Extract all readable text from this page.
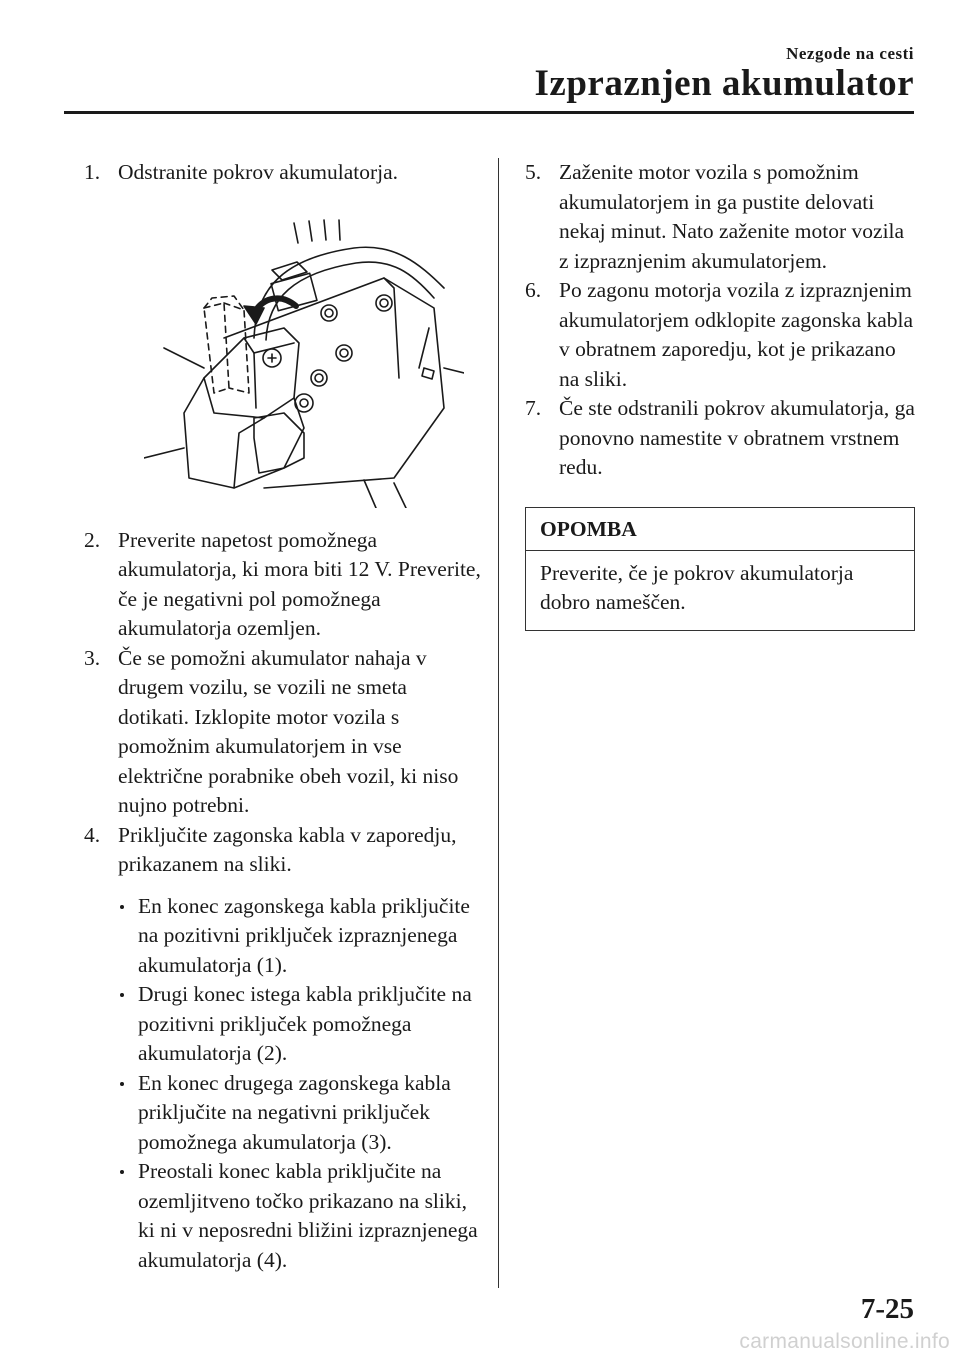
Nezgode na cesti
Izpraznjen akumulator

1. Odstranite pokrov akumulatorja.

2. Preverite napetost pomožnega akumulatorja, ki mora biti 12 V. Preverite, če je negativni pol pomožnega akumulatorja ozemljen.

3. Če se pomožni akumulator nahaja v drugem vozilu, se vozili ne smeta dotikati. Izklopite motor vozila s pomožnim akumulatorjem in vse električne porabnike obeh vozil, ki niso nujno potrebni.

4. Priključite zagonska kabla v zaporedju, prikazanem na sliki.

En konec zagonskega kabla priključite na pozitivni priključek izpraznjenega akumulatorja (1).
Drugi konec istega kabla priključite na pozitivni priključek pomožnega akumulatorja (2).
En konec drugega zagonskega kabla priključite na negativni priključek pomožnega akumulatorja (3).
Preostali konec kabla priključite na ozemljitveno točko prikazano na sliki, ki ni v neposredni bližini izpraznjenega akumulatorja (4).

5. Zaženite motor vozila s pomožnim akumulatorjem in ga pustite delovati nekaj minut. Nato zaženite motor vozila z izpraznjenim akumulatorjem.

6. Po zagonu motorja vozila z izpraznjenim akumulatorjem odklopite zagonska kabla v obratnem zaporedju, kot je prikazano na sliki.

7. Če ste odstranili pokrov akumulatorja, ga ponovno namestite v obratnem vrstnem redu.

OPOMBA
Preverite, če je pokrov akumulatorja dobro nameščen.
7-25
carmanualsonline.info
